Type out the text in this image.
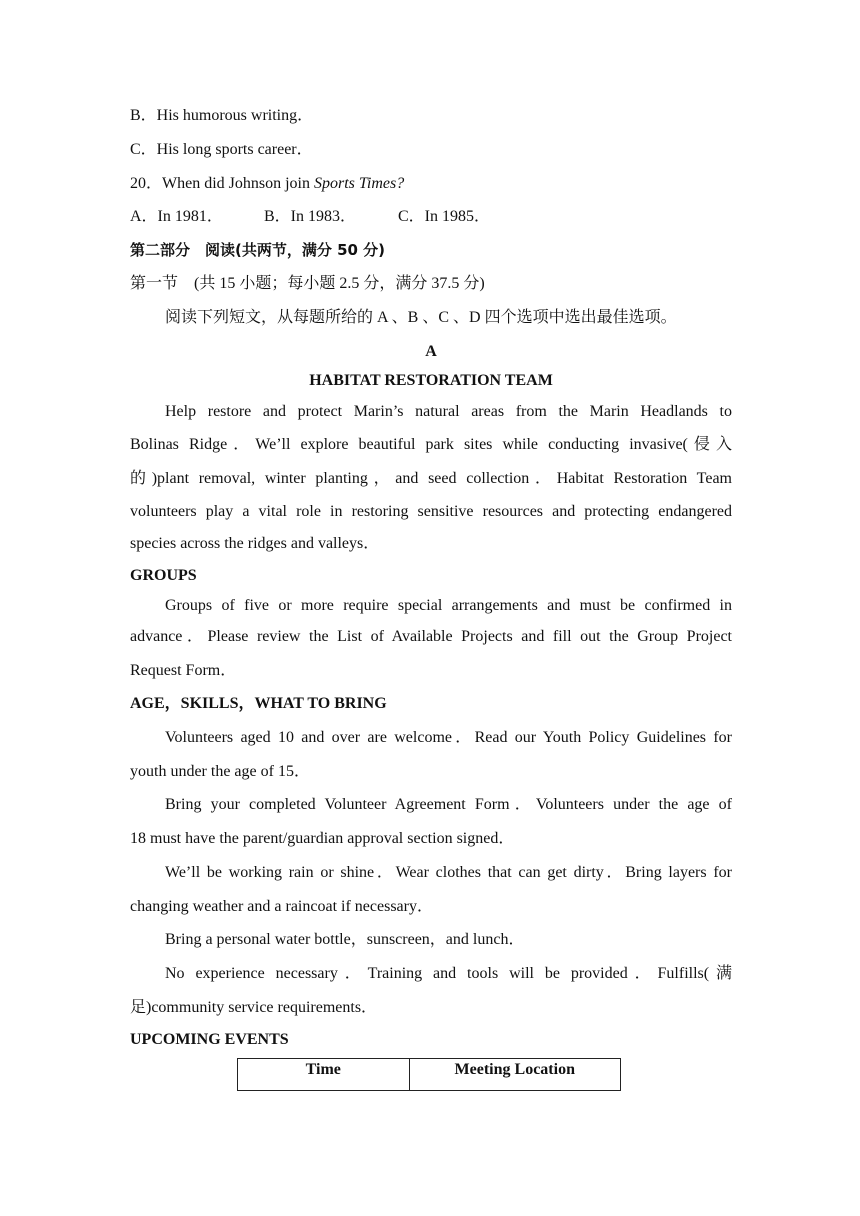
B．His humorous writing．
C．His long sports career．
20．When did Johnson join Sports Times?
A．In 1981．	B．In 1983．	C．In 1985．
第二部分　阅读(共两节，满分 50 分)
第一节　(共 15 小题；每小题 2.5 分，满分 37.5 分)
阅读下列短文，从每题所给的 A 、B 、C 、D 四个选项中选出最佳选项。
A
HABITAT RESTORATION TEAM
Help restore and protect Marin’s natural areas from the Marin Headlands to
Bolinas Ridge．We’ll explore beautiful park sites while conducting invasive(侵入
的)plant removal, winter planting，and seed collection．Habitat Restoration Team
volunteers play a vital role in restoring sensitive resources and protecting endangered
species across the ridges and valleys．
GROUPS
Groups of five or more require special arrangements and must be confirmed in
advance．Please review the List of Available Projects and fill out the Group Project
Request Form．
AGE，SKILLS，WHAT TO BRING
Volunteers aged 10 and over are welcome．Read our Youth Policy Guidelines for
youth under the age of 15．
Bring your completed Volunteer Agreement Form．Volunteers under the age of
18 must have the parent/guardian approval section signed．
We’ll be working rain or shine．Wear clothes that can get dirty．Bring layers for
changing weather and a raincoat if necessary．
Bring a personal water bottle，sunscreen，and lunch．
No experience necessary．Training and tools will be provided．Fulfills(满
足)community service requirements．
UPCOMING EVENTS
Time	Meeting Location
